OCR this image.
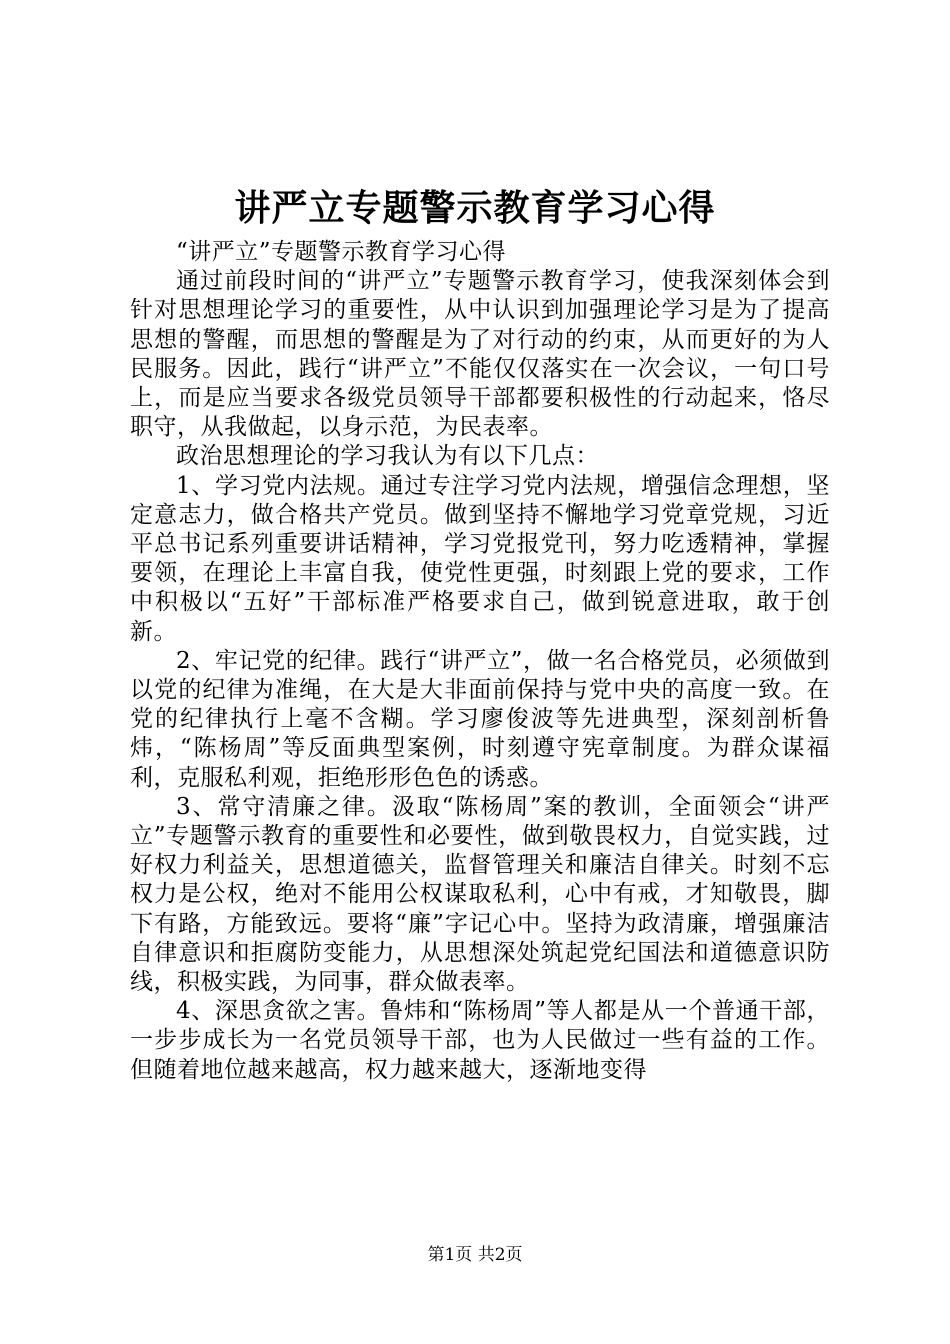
讲严立专题警示教育学习心得

“讲严立”专题警示教育学习心得

通过前段时间的“讲严立”专题警示教育学习，使我深刻体会到针对思想理论学习的重要性，从中认识到加强理论学习是为了提高思想的警醒，而思想的警醒是为了对行动的约束，从而更好的为人民服务。因此，践行“讲严立”不能仅仅落实在一次会议，一句口号上，而是应当要求各级党员领导干部都要积极性的行动起来，恪尽职守，从我做起，以身示范，为民表率。

政治思想理论的学习我认为有以下几点：

1、学习党内法规。通过专注学习党内法规，增强信念理想，坚定意志力，做合格共产党员。做到坚持不懈地学习党章党规，习近平总书记系列重要讲话精神，学习党报党刊，努力吃透精神，掌握要领，在理论上丰富自我，使党性更强，时刻跟上党的要求，工作中积极以“五好”干部标准严格要求自己，做到锐意进取，敢于创新。

2、牢记党的纪律。践行“讲严立”，做一名合格党员，必须做到以党的纪律为准绳，在大是大非面前保持与党中央的高度一致。在党的纪律执行上毫不含糊。学习廖俊波等先进典型，深刻剖析鲁炜，“陈杨周”等反面典型案例，时刻遵守宪章制度。为群众谋福利，克服私利观，拒绝形形色色的诱惑。

3、常守清廉之律。汲取“陈杨周”案的教训，全面领会“讲严立”专题警示教育的重要性和必要性，做到敬畏权力，自觉实践，过好权力利益关，思想道德关，监督管理关和廉洁自律关。时刻不忘权力是公权，绝对不能用公权谋取私利，心中有戒，才知敬畏，脚下有路，方能致远。要将“廉”字记心中。坚持为政清廉，增强廉洁自律意识和拒腐防变能力，从思想深处筑起党纪国法和道德意识防线，积极实践，为同事，群众做表率。

4、深思贪欲之害。鲁炜和“陈杨周”等人都是从一个普通干部，一步步成长为一名党员领导干部，也为人民做过一些有益的工作。但随着地位越来越高，权力越来越大，逐渐地变得

第1页 共2页
